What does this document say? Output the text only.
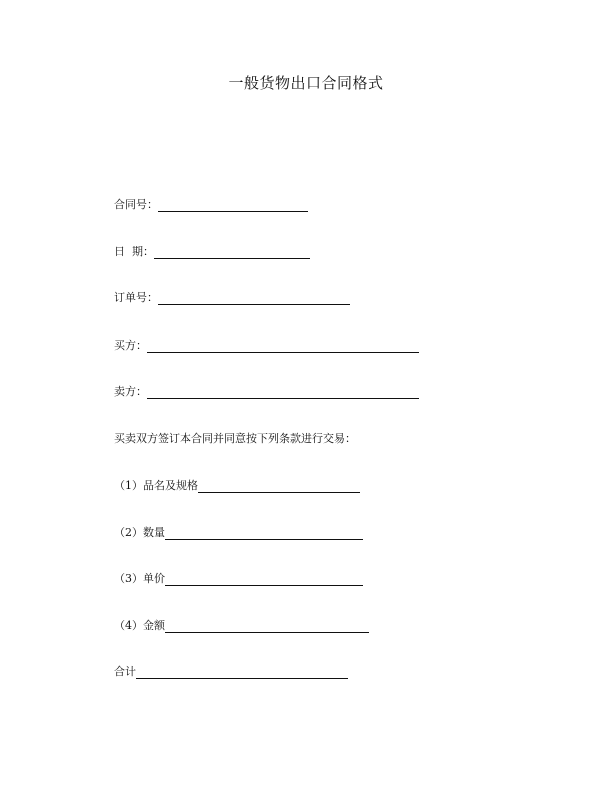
一般货物出口合同格式
合同号：
日  期：
订单号：
买方：
卖方：
买卖双方签订本合同并同意按下列条款进行交易：
（1）品名及规格
（2）数量
（3）单价
（4）金额
合计
